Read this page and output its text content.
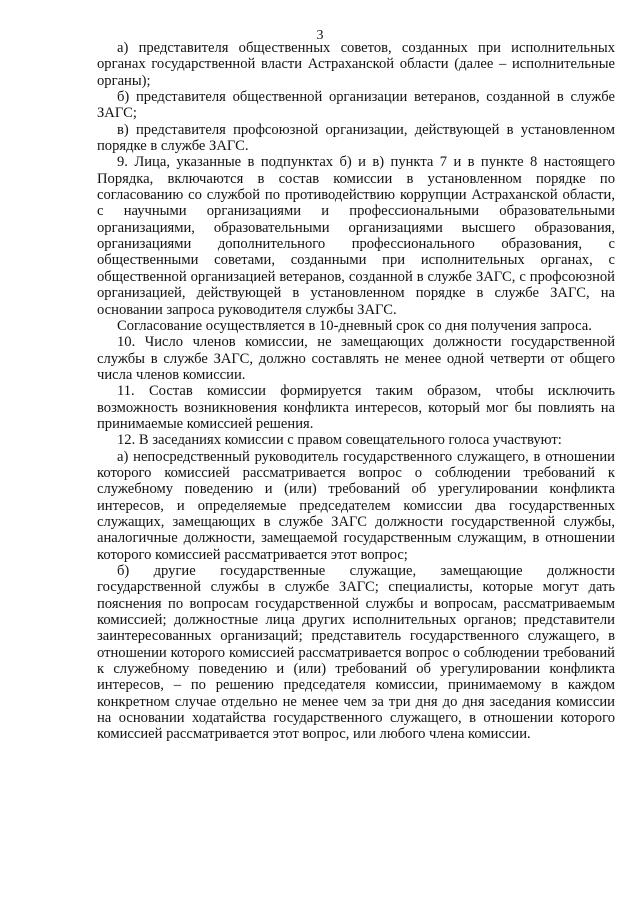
3

а) представителя общественных советов, созданных при исполнительных органах государственной власти Астраханской области (далее – исполнительные органы);

б) представителя общественной организации ветеранов, созданной в службе ЗАГС;

в) представителя профсоюзной организации, действующей в установленном порядке в службе ЗАГС.

9. Лица, указанные в подпунктах б) и в) пункта 7 и в пункте 8 настоящего Порядка, включаются в состав комиссии в установленном порядке по согласованию со службой по противодействию коррупции Астраханской области, с научными организациями и профессиональными образовательными организациями, образовательными организациями высшего образования, организациями дополнительного профессионального образования, с общественными советами, созданными при исполнительных органах, с общественной организацией ветеранов, созданной в службе ЗАГС, с профсоюзной организацией, действующей в установленном порядке в службе ЗАГС, на основании запроса руководителя службы ЗАГС.

Согласование осуществляется в 10-дневный срок со дня получения запроса.

10. Число членов комиссии, не замещающих должности государственной службы в службе ЗАГС, должно составлять не менее одной четверти от общего числа членов комиссии.

11. Состав комиссии формируется таким образом, чтобы исключить возможность возникновения конфликта интересов, который мог бы повлиять на принимаемые комиссией решения.

12. В заседаниях комиссии с правом совещательного голоса участвуют:

а) непосредственный руководитель государственного служащего, в отношении которого комиссией рассматривается вопрос о соблюдении требований к служебному поведению и (или) требований об урегулировании конфликта интересов, и определяемые председателем комиссии два государственных служащих, замещающих в службе ЗАГС должности государственной службы, аналогичные должности, замещаемой государственным служащим, в отношении которого комиссией рассматривается этот вопрос;

б) другие государственные служащие, замещающие должности государственной службы в службе ЗАГС; специалисты, которые могут дать пояснения по вопросам государственной службы и вопросам, рассматриваемым комиссией; должностные лица других исполнительных органов; представители заинтересованных организаций; представитель государственного служащего, в отношении которого комиссией рассматривается вопрос о соблюдении требований к служебному поведению и (или) требований об урегулировании конфликта интересов, – по решению председателя комиссии, принимаемому в каждом конкретном случае отдельно не менее чем за три дня до дня заседания комиссии на основании ходатайства государственного служащего, в отношении которого комиссией рассматривается этот вопрос, или любого члена комиссии.
